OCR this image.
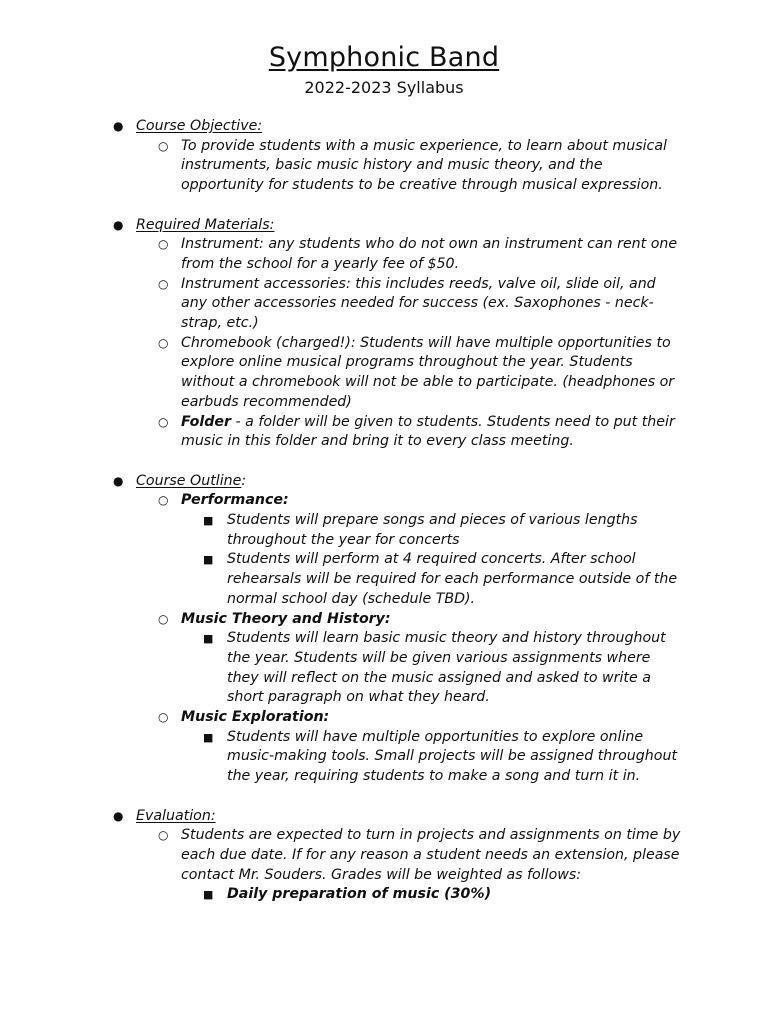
Symphonic Band
2022-2023 Syllabus
● Course Objective:
○ To provide students with a music experience, to learn about musical instruments, basic music history and music theory, and the opportunity for students to be creative through musical expression.
● Required Materials:
○ Instrument: any students who do not own an instrument can rent one from the school for a yearly fee of $50.
○ Instrument accessories: this includes reeds, valve oil, slide oil, and any other accessories needed for success (ex. Saxophones - neck-strap, etc.)
○ Chromebook (charged!): Students will have multiple opportunities to explore online musical programs throughout the year. Students without a chromebook will not be able to participate. (headphones or earbuds recommended)
○ Folder - a folder will be given to students. Students need to put their music in this folder and bring it to every class meeting.
● Course Outline:
○ Performance:
■ Students will prepare songs and pieces of various lengths throughout the year for concerts
■ Students will perform at 4 required concerts. After school rehearsals will be required for each performance outside of the normal school day (schedule TBD).
○ Music Theory and History:
■ Students will learn basic music theory and history throughout the year. Students will be given various assignments where they will reflect on the music assigned and asked to write a short paragraph on what they heard.
○ Music Exploration:
■ Students will have multiple opportunities to explore online music-making tools. Small projects will be assigned throughout the year, requiring students to make a song and turn it in.
● Evaluation:
○ Students are expected to turn in projects and assignments on time by each due date. If for any reason a student needs an extension, please contact Mr. Souders. Grades will be weighted as follows:
■ Daily preparation of music (30%)
